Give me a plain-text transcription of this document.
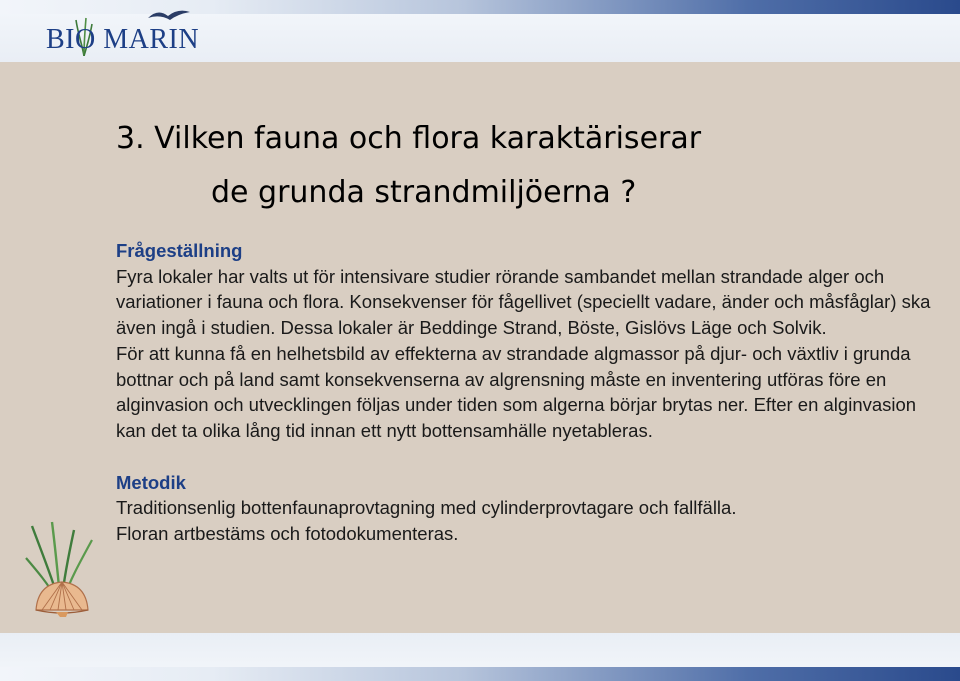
BIO MARIN
3. Vilken fauna och flora karaktäriserar
de grunda strandmiljöerna ?
Frågeställning
Fyra lokaler har valts ut för intensivare studier rörande sambandet mellan strandade alger och variationer i fauna och flora. Konsekvenser för fågellivet (speciellt vadare, änder och måsfåglar) ska även ingå i studien. Dessa lokaler är Beddinge Strand, Böste, Gislövs Läge och Solvik.
För att kunna få en helhetsbild av effekterna av strandade algmassor på djur- och växtliv i grunda bottnar och på land samt konsekvenserna av algrensning måste en inventering utföras före en alginvasion och utvecklingen följas under tiden som algerna börjar brytas ner. Efter en alginvasion kan det ta olika lång tid innan ett nytt bottensamhälle nyetableras.
Metodik
Traditionsenlig bottenfaunaprovtagning med cylinderprovtagare och fallfälla.
Floran artbestäms och fotodokumenteras.
